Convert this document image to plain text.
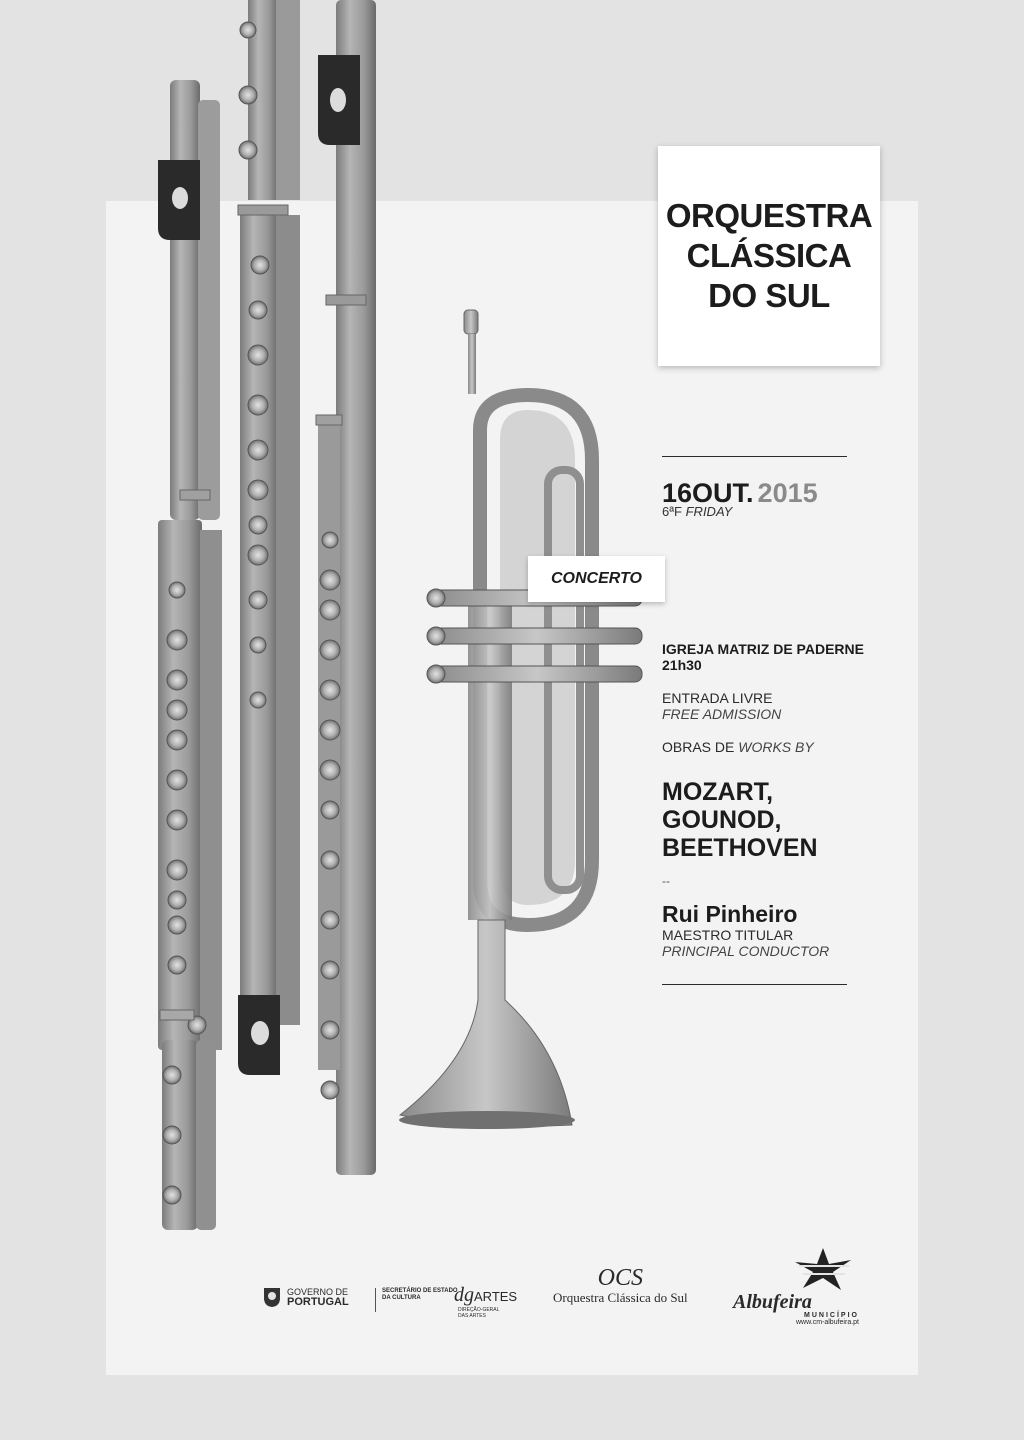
ORQUESTRA
CLÁSSICA
DO SUL
16OUT. 2015
6ªF FRIDAY
CONCERTO
IGREJA MATRIZ DE PADERNE
21h30
ENTRADA LIVRE
FREE ADMISSION
OBRAS DE WORKS BY
MOZART,
GOUNOD,
BEETHOVEN
--
Rui Pinheiro
MAESTRO TITULAR
PRINCIPAL CONDUCTOR
GOVERNO DE
PORTUGAL
SECRETÁRIO DE ESTADO
DA CULTURA	dgARTES
DIREÇÃO-GERAL
DAS ARTES
OCS
Orquestra Clássica do Sul Albufeira
MUNICÍPIO
www.cm-albufeira.pt
